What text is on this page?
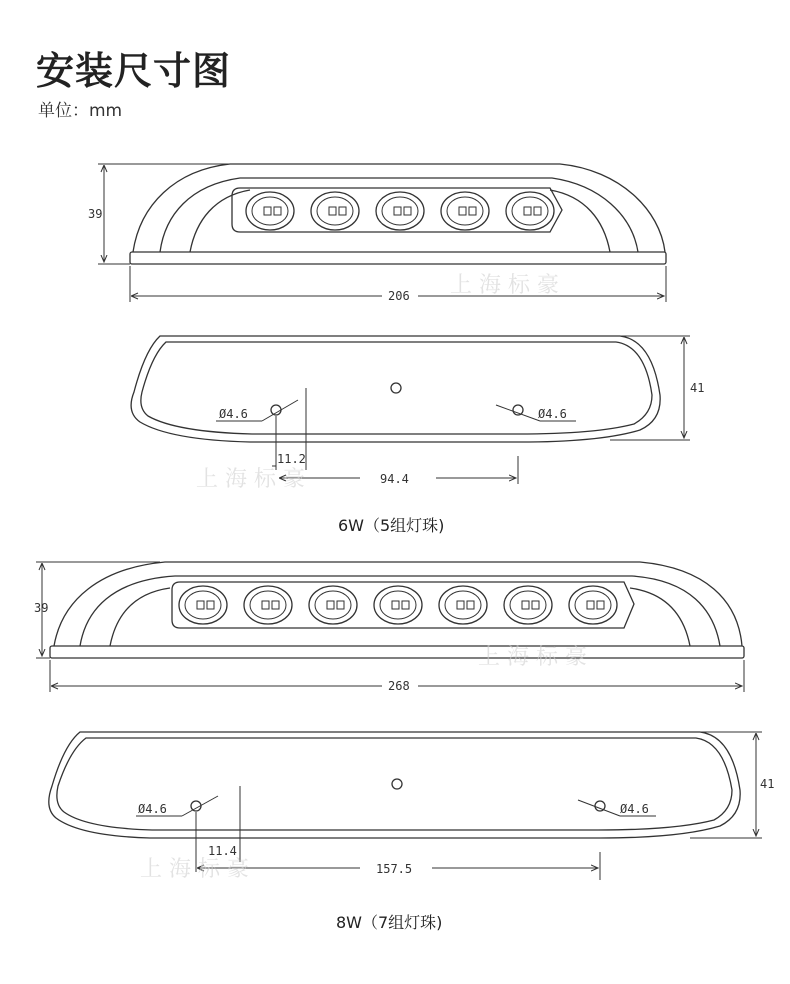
安装尺寸图
单位：mm
39
206
41
Ø4.6	Ø4.6
11.2
94.4
39
268
41
Ø4.6	Ø4.6
11.4
157.5
上 海 标 豪
上 海 标 豪
上 海 标 豪
上 海 标 豪
6W（5组灯珠)
8W（7组灯珠)
